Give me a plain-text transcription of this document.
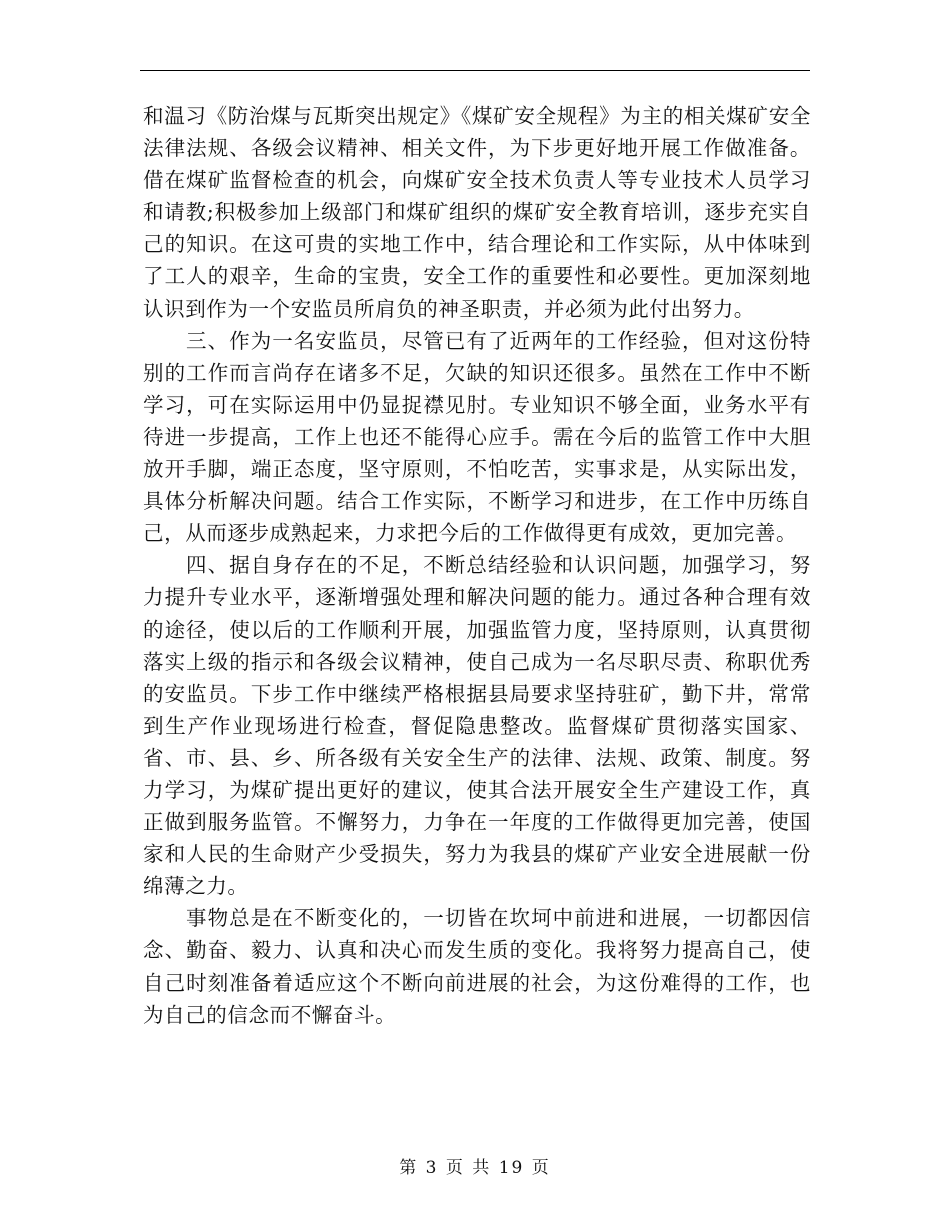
和温习《防治煤与瓦斯突出规定》《煤矿安全规程》为主的相关煤矿安全法律法规、各级会议精神、相关文件，为下步更好地开展工作做准备。借在煤矿监督检查的机会，向煤矿安全技术负责人等专业技术人员学习和请教;积极参加上级部门和煤矿组织的煤矿安全教育培训，逐步充实自己的知识。在这可贵的实地工作中，结合理论和工作实际，从中体味到了工人的艰辛，生命的宝贵，安全工作的重要性和必要性。更加深刻地认识到作为一个安监员所肩负的神圣职责，并必须为此付出努力。

三、作为一名安监员，尽管已有了近两年的工作经验，但对这份特别的工作而言尚存在诸多不足，欠缺的知识还很多。虽然在工作中不断学习，可在实际运用中仍显捉襟见肘。专业知识不够全面，业务水平有待进一步提高，工作上也还不能得心应手。需在今后的监管工作中大胆放开手脚，端正态度，坚守原则，不怕吃苦，实事求是，从实际出发，具体分析解决问题。结合工作实际，不断学习和进步，在工作中历练自己，从而逐步成熟起来，力求把今后的工作做得更有成效，更加完善。

四、据自身存在的不足，不断总结经验和认识问题，加强学习，努力提升专业水平，逐渐增强处理和解决问题的能力。通过各种合理有效的途径，使以后的工作顺利开展，加强监管力度，坚持原则，认真贯彻落实上级的指示和各级会议精神，使自己成为一名尽职尽责、称职优秀的安监员。下步工作中继续严格根据县局要求坚持驻矿，勤下井，常常到生产作业现场进行检查，督促隐患整改。监督煤矿贯彻落实国家、省、市、县、乡、所各级有关安全生产的法律、法规、政策、制度。努力学习，为煤矿提出更好的建议，使其合法开展安全生产建设工作，真正做到服务监管。不懈努力，力争在一年度的工作做得更加完善，使国家和人民的生命财产少受损失，努力为我县的煤矿产业安全进展献一份绵薄之力。

事物总是在不断变化的，一切皆在坎坷中前进和进展，一切都因信念、勤奋、毅力、认真和决心而发生质的变化。我将努力提高自己，使自己时刻准备着适应这个不断向前进展的社会，为这份难得的工作，也为自己的信念而不懈奋斗。

第 3 页 共 19 页
